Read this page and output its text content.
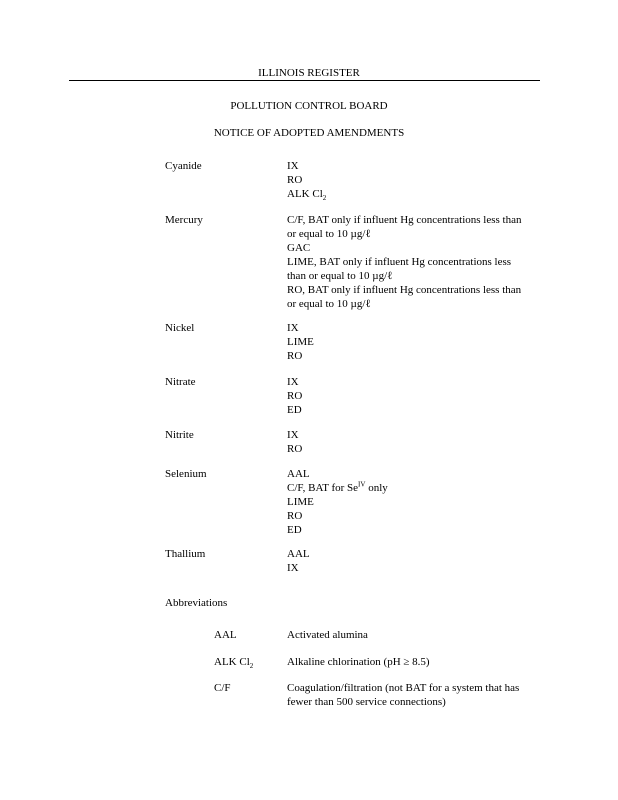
ILLINOIS REGISTER
POLLUTION CONTROL BOARD
NOTICE OF ADOPTED AMENDMENTS
Cyanide	IX
RO
ALK $Cl_2$
Mercury	C/F, BAT only if influent Hg concentrations less than or equal to 10 µg/ℓ
GAC
LIME, BAT only if influent Hg concentrations less than or equal to 10 µg/ℓ
RO, BAT only if influent Hg concentrations less than or equal to 10 µg/ℓ
Nickel	IX
LIME
RO
Nitrate	IX
RO
ED
Nitrite	IX
RO
Selenium	AAL
C/F, BAT for $Se^{IV}$ only
LIME
RO
ED
Thallium	AAL
IX
Abbreviations
AAL	Activated alumina
ALK $Cl_2$	Alkaline chlorination (pH ≥ 8.5)
C/F	Coagulation/filtration (not BAT for a system that has fewer than 500 service connections)
